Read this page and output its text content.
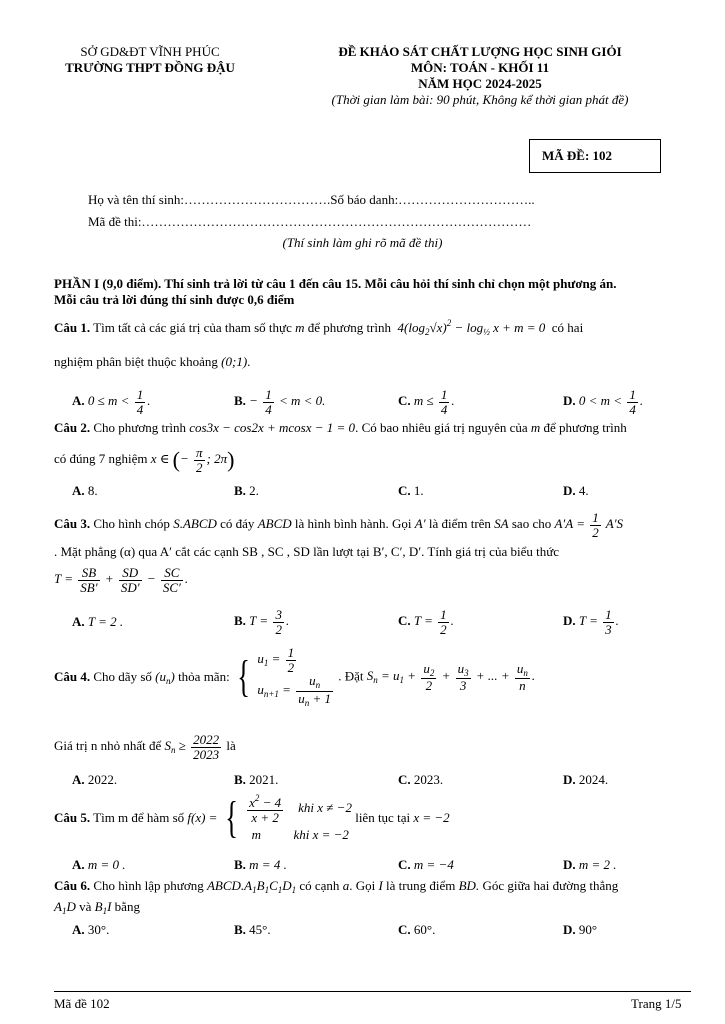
SỞ GD&ĐT VĨNH PHÚC
TRƯỜNG THPT ĐỒNG ĐẬU
ĐỀ KHẢO SÁT CHẤT LƯỢNG HỌC SINH GIỎI
MÔN: TOÁN - KHỐI 11
NĂM HỌC 2024-2025
(Thời gian làm bài: 90 phút, Không kể thời gian phát đề)
MÃ ĐỀ: 102
Họ và tên thí sinh:…………………………….Số báo danh:…………………………..
Mã đề thi:………………………………………………………………………………
(Thí sinh làm ghi rõ mã đề thi)
PHẦN I (9,0 điểm). Thí sinh trả lời từ câu 1 đến câu 15. Mỗi câu hỏi thí sinh chỉ chọn một phương án.
Mỗi câu trả lời đúng thí sinh được 0,6 điểm
Câu 1. Tìm tất cả các giá trị của tham số thực m để phương trình  $4(\log_2√x)^2 - \log_{\frac{1}{2}} x + m = 0$  có hai
nghiệm phân biệt thuộc khoảng (0;1).
A. $0 \le m < \frac{1}{4}$ .	B. − $\frac{1}{4} < m < 0$.	C. $m \le \frac{1}{4}$ .	D. $0 < m < \frac{1}{4}$ .
Câu 2. Cho phương trình cos3x − cos2x + mcosx − 1 = 0. Có bao nhiêu giá trị nguyên của m để phương trình
có đúng 7 nghiệm x ∈ (− $\frac{\pi}{2}$ ; 2π)
A. 8.	B. 2.	C. 1.	D. 4.
Câu 3. Cho hình chóp S.ABCD có đáy ABCD là hình bình hành. Gọi A′ là điểm trên SA sao cho $A'A = \frac{1}{2} A'S$
. Mặt phẳng (α) qua A′ cắt các cạnh SB , SC , SD lần lượt tại B′, C′, D′. Tính giá trị của biểu thức
$T = \frac{SB}{SB'} + \frac{SD}{SD'} - \frac{SC}{SC'}$ .
A. T = 2 .	B. $T = \frac{3}{2}$ .	C. $T = \frac{1}{2}$ .	D. $T = \frac{1}{3}$ .
Câu 4. Cho dãy số $(u_n)$ thỏa mãn: { $u_1 = \frac{1}{2}$
$u_{n+1} = \frac{u_n}{u_n + 1}$ . Đặt $S_n = u_1 + \frac{u_2}{2} + \frac{u_3}{3}$ + ... + $\frac{u_n}{n}$ .
Giá trị n nhỏ nhất để $S_n \ge \frac{2022}{2023}$ là
A. 2022.	B. 2021.	C. 2023.	D. 2024.
Câu 5. Tìm m để hàm số f(x) = { $\frac{x^2 - 4}{x + 2}$ khi x ≠ −2
m          khi x = −2
liên tục tại x = −2
A. m = 0 .	B. m = 4 .	C. m = −4	D. m = 2 .
Câu 6. Cho hình lập phương $ABCD.A_1B_1C_1D_1$ có cạnh a. Gọi I là trung điểm BD. Góc giữa hai đường thẳng
$A_1D$ và $B_1I$ bằng
A. 30°.	B. 45°.	C. 60°.	D. 90°
Mã đề 102	Trang 1/5
